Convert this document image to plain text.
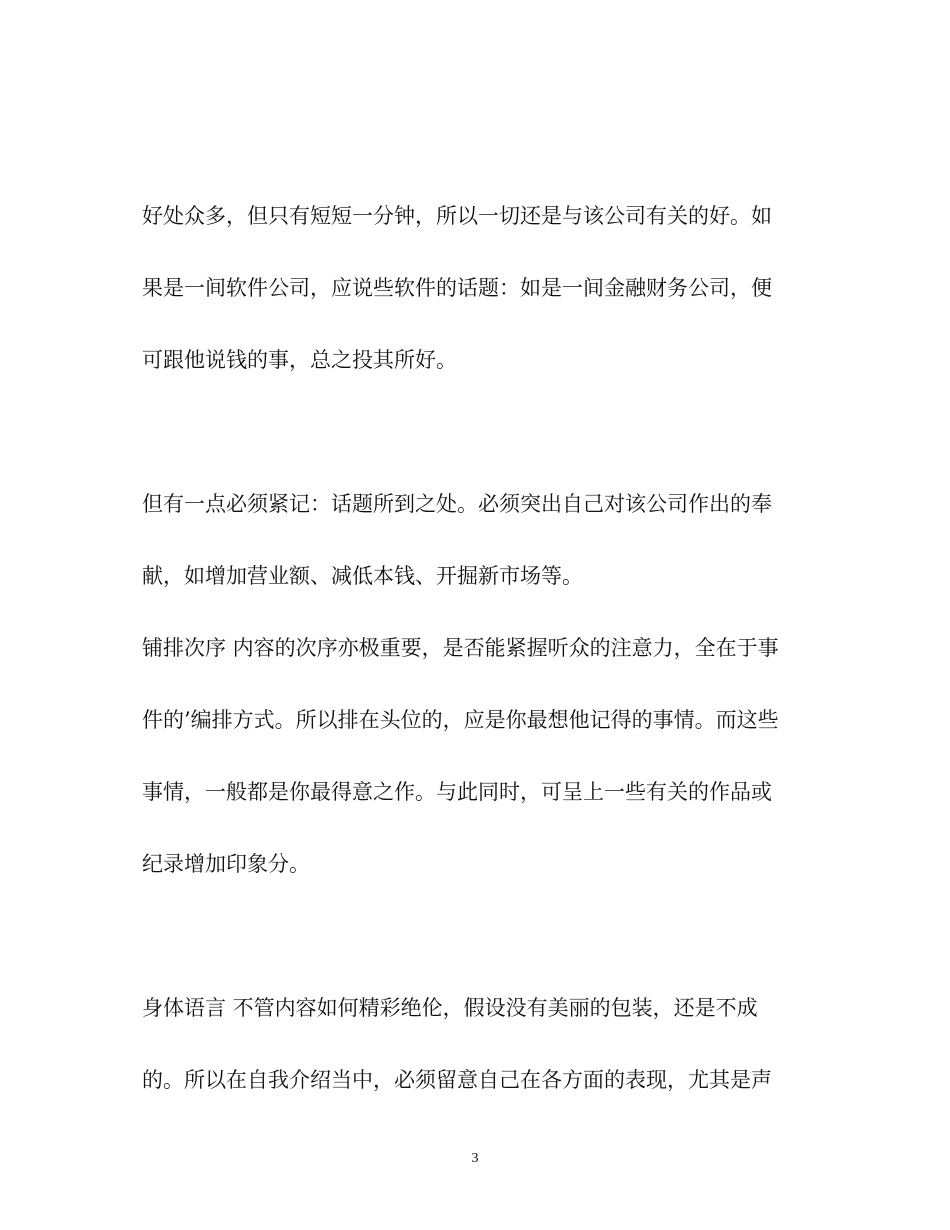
好处众多，但只有短短一分钟，所以一切还是与该公司有关的好。如
果是一间软件公司，应说些软件的话题：如是一间金融财务公司，便
可跟他说钱的事，总之投其所好。
但有一点必须紧记：话题所到之处。必须突出自己对该公司作出的奉
献，如增加营业额、减低本钱、开掘新市场等。
铺排次序 内容的次序亦极重要，是否能紧握听众的注意力，全在于事
件的’编排方式。所以排在头位的，应是你最想他记得的事情。而这些
事情，一般都是你最得意之作。与此同时，可呈上一些有关的作品或
纪录增加印象分。
身体语言 不管内容如何精彩绝伦，假设没有美丽的包装，还是不成
的。所以在自我介绍当中，必须留意自己在各方面的表现，尤其是声
3
